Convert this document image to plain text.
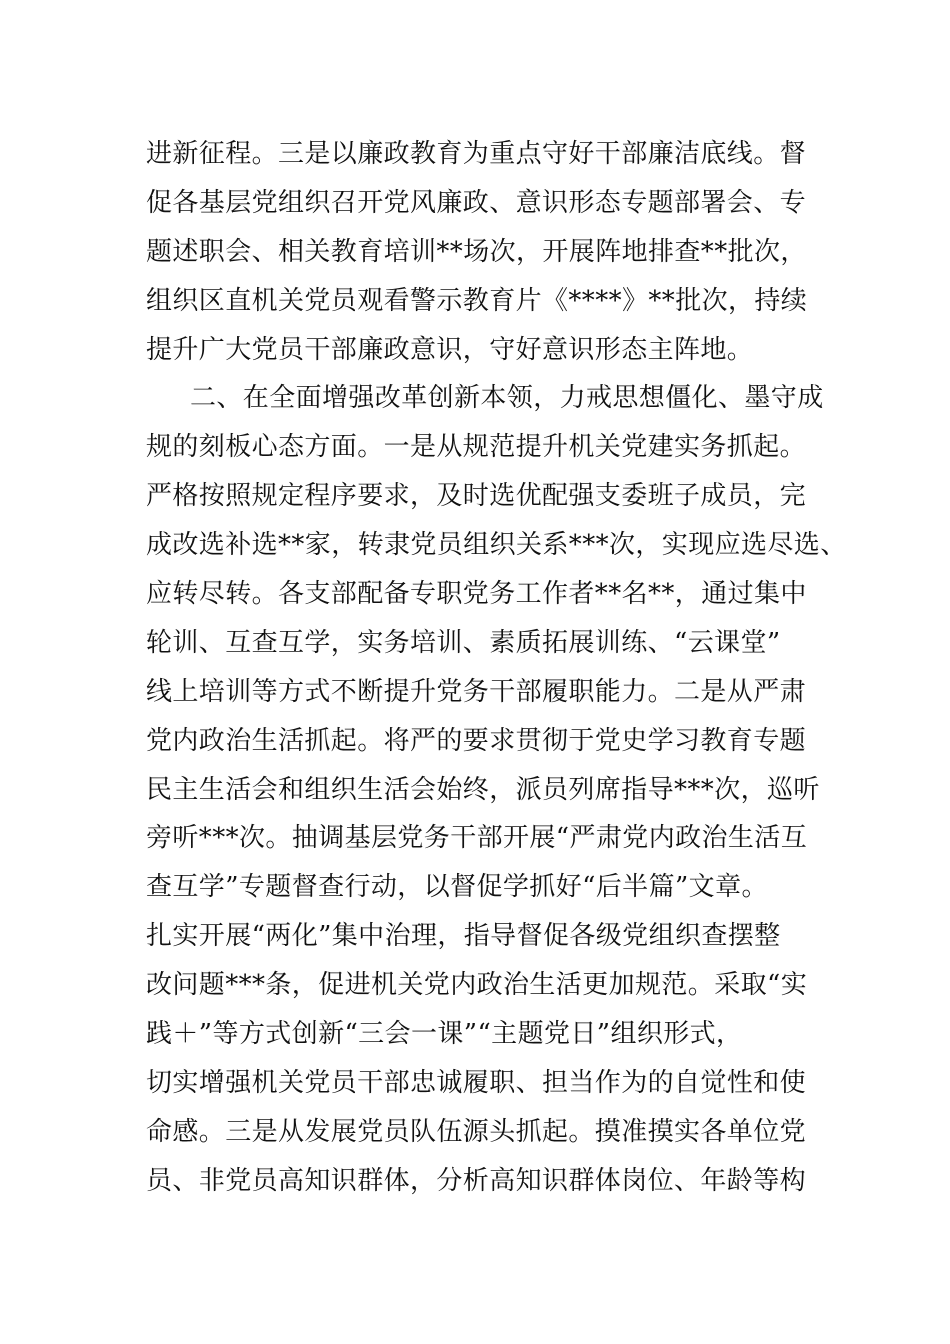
进新征程。三是以廉政教育为重点守好干部廉洁底线。督
促各基层党组织召开党风廉政、意识形态专题部署会、专
题述职会、相关教育培训**场次，开展阵地排查**批次，
组织区直机关党员观看警示教育片《****》**批次，持续
提升广大党员干部廉政意识，守好意识形态主阵地。
二、在全面增强改革创新本领，力戒思想僵化、墨守成
规的刻板心态方面。一是从规范提升机关党建实务抓起。
严格按照规定程序要求，及时选优配强支委班子成员，完
成改选补选**家，转隶党员组织关系***次，实现应选尽选、
应转尽转。各支部配备专职党务工作者**名**，通过集中
轮训、互查互学，实务培训、素质拓展训练、“云课堂”
线上培训等方式不断提升党务干部履职能力。二是从严肃
党内政治生活抓起。将严的要求贯彻于党史学习教育专题
民主生活会和组织生活会始终，派员列席指导***次，巡听
旁听***次。抽调基层党务干部开展“严肃党内政治生活互
查互学”专题督查行动，以督促学抓好“后半篇”文章。
扎实开展“两化”集中治理，指导督促各级党组织查摆整
改问题***条，促进机关党内政治生活更加规范。采取“实
践＋”等方式创新“三会一课”“主题党日”组织形式，
切实增强机关党员干部忠诚履职、担当作为的自觉性和使
命感。三是从发展党员队伍源头抓起。摸准摸实各单位党
员、非党员高知识群体，分析高知识群体岗位、年龄等构
